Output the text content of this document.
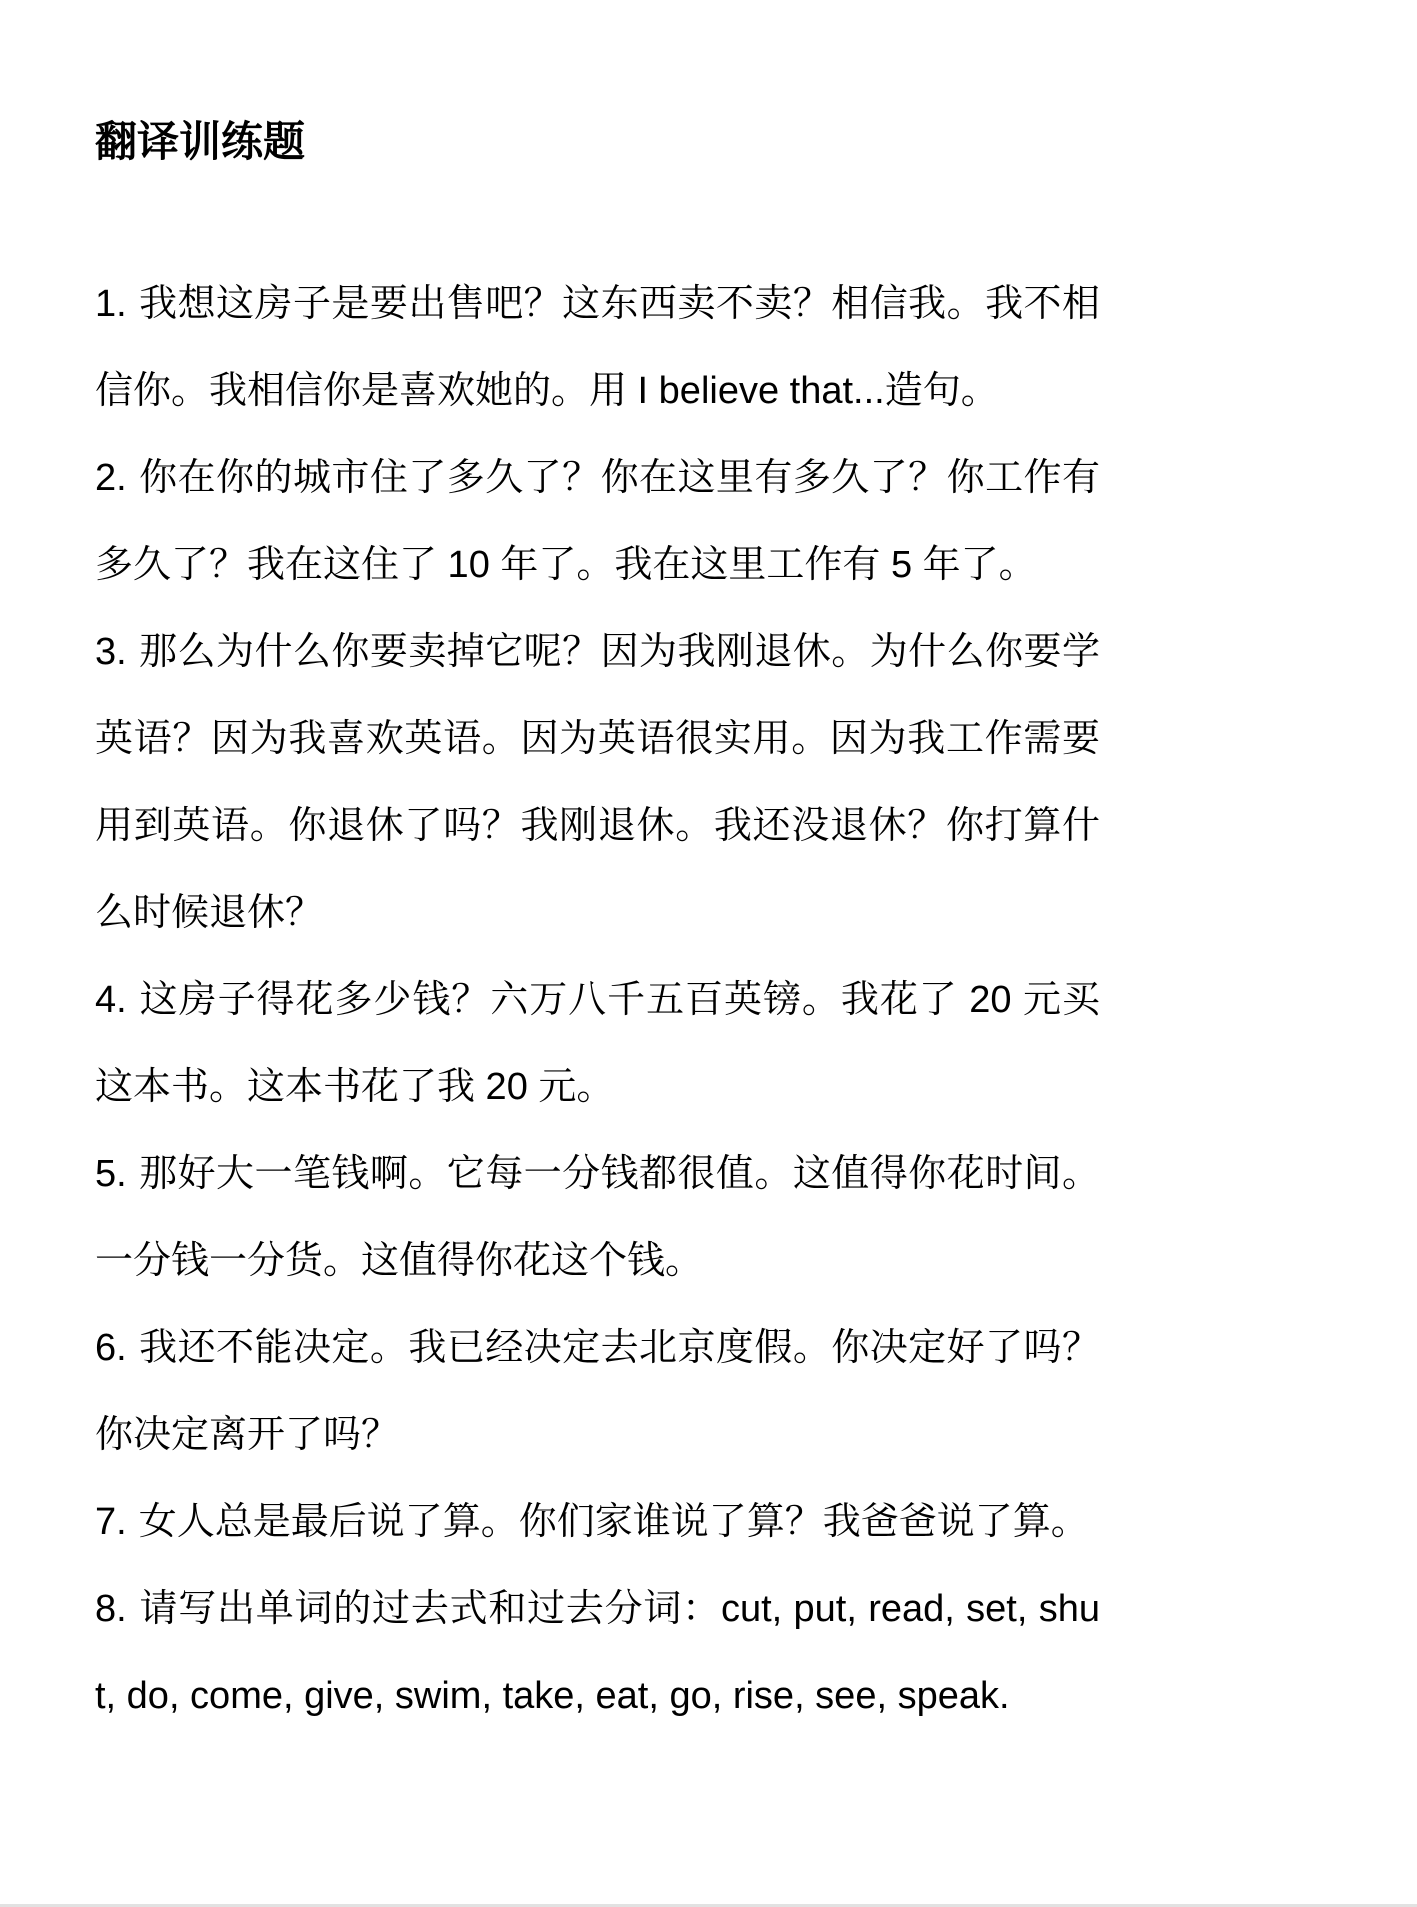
翻译训练题

1. 我想这房子是要出售吧？这东西卖不卖？相信我。我不相信你。我相信你是喜欢她的。用 I believe that...造句。

2. 你在你的城市住了多久了？你在这里有多久了？你工作有多久了？我在这住了 10 年了。我在这里工作有 5 年了。

3. 那么为什么你要卖掉它呢？因为我刚退休。为什么你要学英语？因为我喜欢英语。因为英语很实用。因为我工作需要用到英语。你退休了吗？我刚退休。我还没退休？你打算什么时候退休？

4. 这房子得花多少钱？六万八千五百英镑。我花了 20 元买这本书。这本书花了我 20 元。

5. 那好大一笔钱啊。它每一分钱都很值。这值得你花时间。一分钱一分货。这值得你花这个钱。

6. 我还不能决定。我已经决定去北京度假。你决定好了吗？你决定离开了吗？

7. 女人总是最后说了算。你们家谁说了算？我爸爸说了算。

8. 请写出单词的过去式和过去分词：cut, put, read, set, shut, do, come, give, swim, take, eat, go, rise, see, speak.
